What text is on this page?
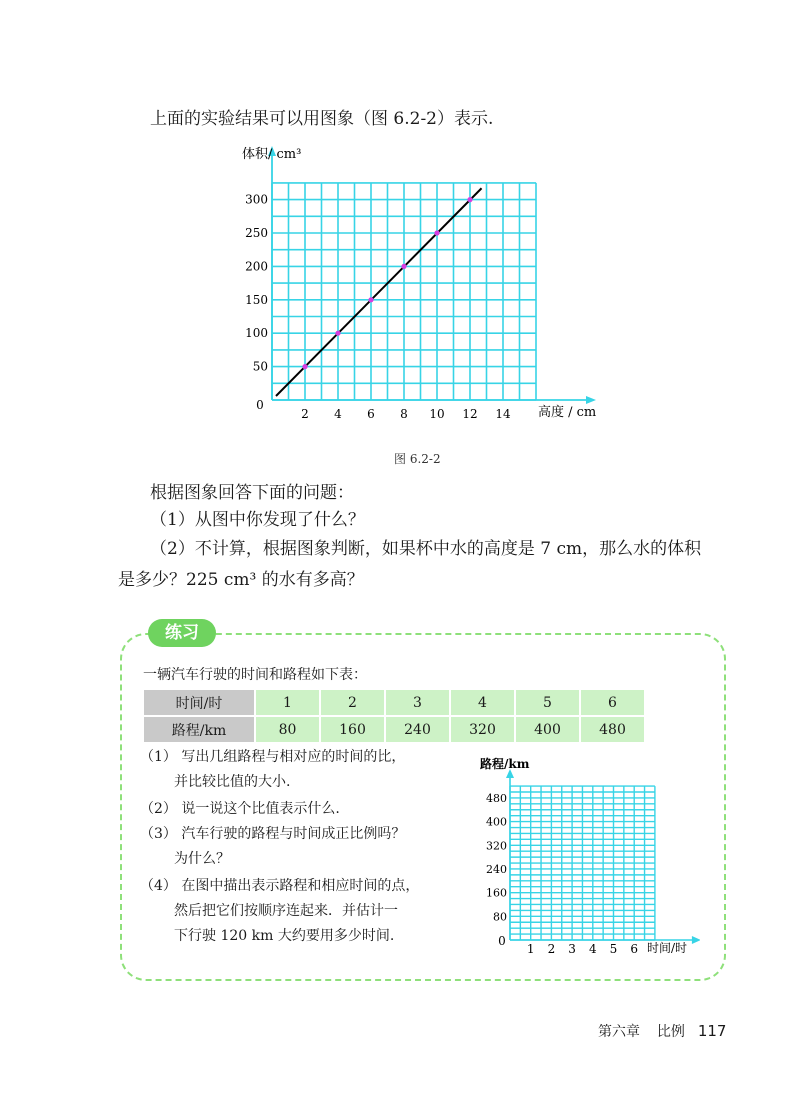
上面的实验结果可以用图象（图 6.2-2）表示.
2 4 6 8 10 12 14
50
100
150
200
250
300
体积/ cm³
高度 / cm
0
图 6.2-2
根据图象回答下面的问题：
（1）从图中你发现了什么？
（2）不计算，根据图象判断，如果杯中水的高度是 7 cm，那么水的体积
是多少？225 cm³ 的水有多高？
练习
一辆汽车行驶的时间和路程如下表：
时间/时	1	2	3	4	5	6
路程/km	80	160	240	320	400	480
（1） 写出几组路程与相对应的时间的比，
并比较比值的大小.
（2） 说一说这个比值表示什么.
（3） 汽车行驶的路程与时间成正比例吗？
为什么？
（4） 在图中描出表示路程和相应时间的点，
然后把它们按顺序连起来．并估计一
下行驶 120 km 大约要用多少时间.
1 2 3 4 5 6
80
160
240
320
400
480
路程/km
时间/时
0
第六章 比例 117
